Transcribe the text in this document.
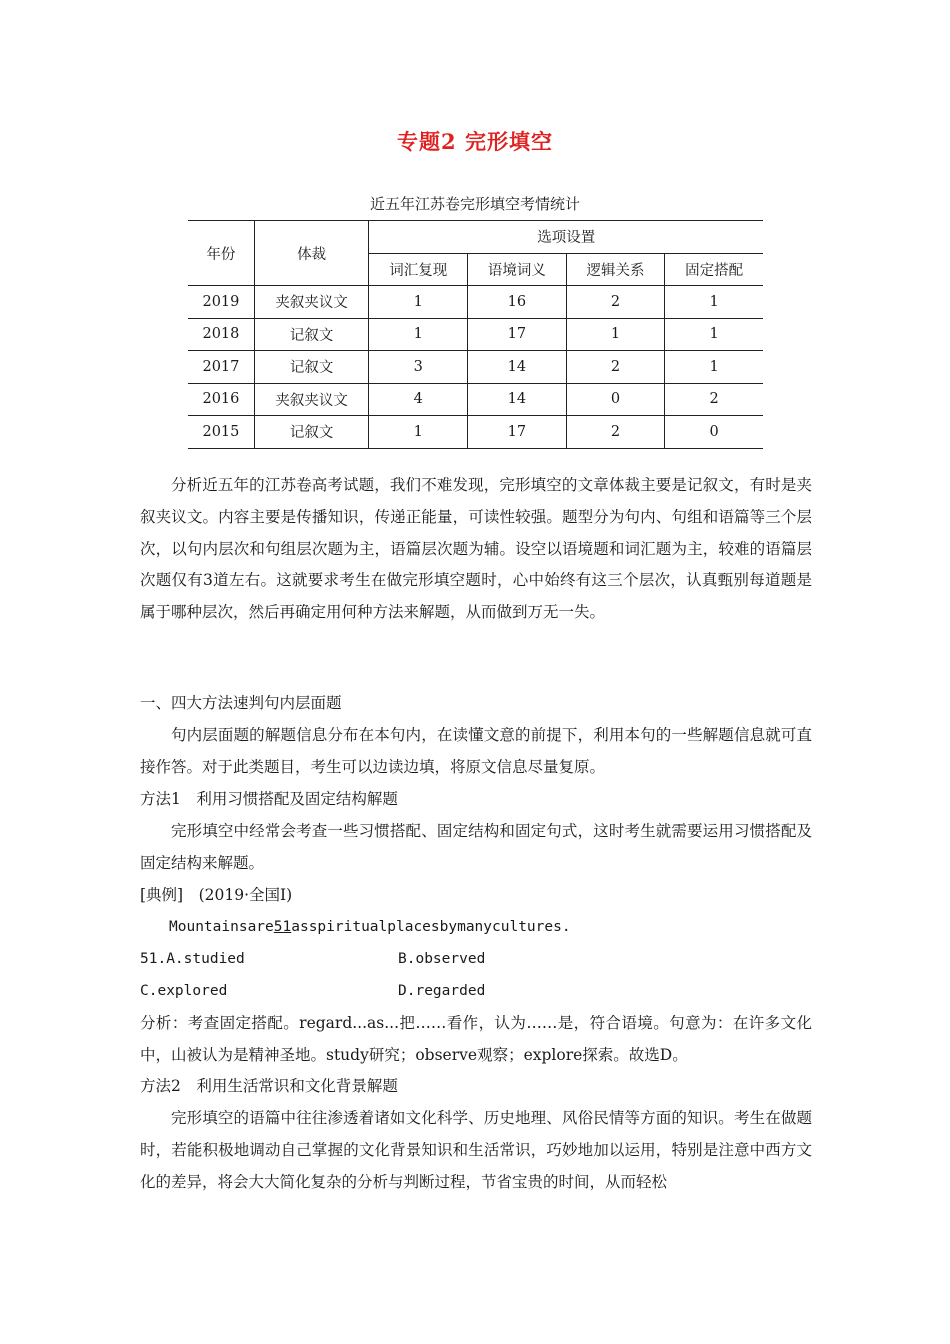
专题2 完形填空
近五年江苏卷完形填空考情统计
年份	体裁	选项设置			
		词汇复现	语境词义	逻辑关系	固定搭配
2019	夹叙夹议文	1	16	2	1
2018	记叙文	1	17	1	1
2017	记叙文	3	14	2	1
2016	夹叙夹议文	4	14	0	2
2015	记叙文	1	17	2	0

分析近五年的江苏卷高考试题，我们不难发现，完形填空的文章体裁主要是记叙文，有时是夹叙夹议文。内容主要是传播知识，传递正能量，可读性较强。题型分为句内、句组和语篇等三个层次，以句内层次和句组层次题为主，语篇层次题为辅。设空以语境题和词汇题为主，较难的语篇层次题仅有3道左右。这就要求考生在做完形填空题时，心中始终有这三个层次，认真甄别每道题是属于哪种层次，然后再确定用何种方法来解题，从而做到万无一失。

一、四大方法速判句内层面题

句内层面题的解题信息分布在本句内，在读懂文意的前提下，利用本句的一些解题信息就可直接作答。对于此类题目，考生可以边读边填，将原文信息尽量复原。

方法1　利用习惯搭配及固定结构解题

完形填空中经常会考查一些习惯搭配、固定结构和固定句式，这时考生就需要运用习惯搭配及固定结构来解题。

[典例]　(2019·全国Ⅰ)

Mountainsare51asspiritualplacesbymanycultures.

51.A.studied	B.observed

C.explored	D.regarded

分析：考查固定搭配。regard...as...把……看作，认为……是，符合语境。句意为：在许多文化中，山被认为是精神圣地。study研究；observe观察；explore探索。故选D。

方法2　利用生活常识和文化背景解题

完形填空的语篇中往往渗透着诸如文化科学、历史地理、风俗民情等方面的知识。考生在做题时，若能积极地调动自己掌握的文化背景知识和生活常识，巧妙地加以运用，特别是注意中西方文化的差异，将会大大简化复杂的分析与判断过程，节省宝贵的时间，从而轻松
